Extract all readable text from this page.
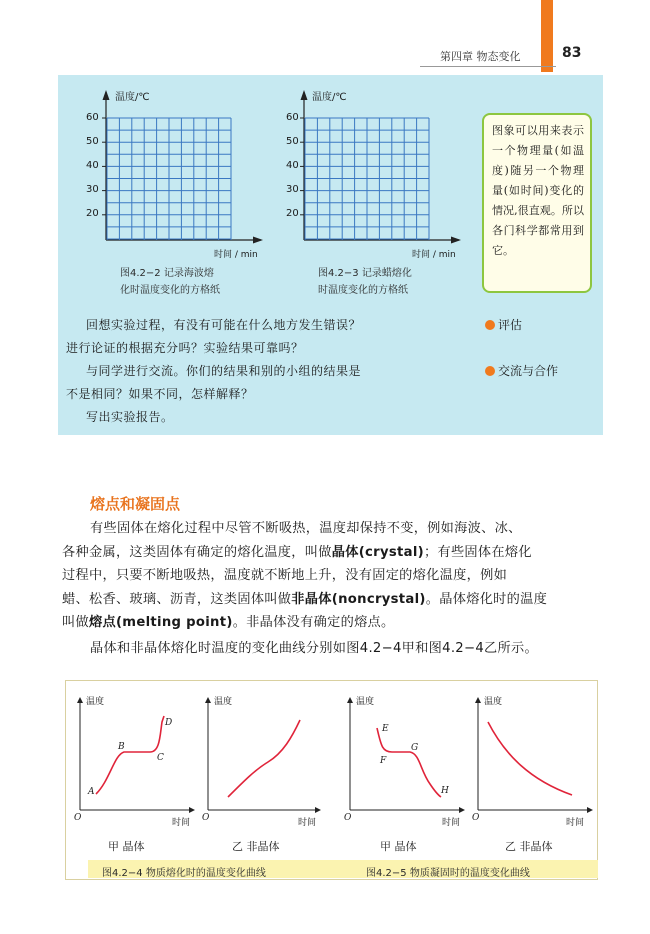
第四章 物态变化	83
温度/℃
时间 / min
60
50
40
30
20
图4.2−2 记录海波熔
化时温度变化的方格纸
温度/℃
时间 / min
60
50
40
30
20
图4.2−3 记录蜡熔化
时温度变化的方格纸
图象可以用来表示一个物理量(如温度)随另一个物理量(如时间)变化的情况,很直观。所以各门科学都常用到它。
回想实验过程，有没有可能在什么地方发生错误？
进行论证的根据充分吗？实验结果可靠吗？
与同学进行交流。你们的结果和别的小组的结果是
不是相同？如果不同，怎样解释？
写出实验报告。
评估
交流与合作
熔点和凝固点
有些固体在熔化过程中尽管不断吸热，温度却保持不变，例如海波、冰、
各种金属，这类固体有确定的熔化温度，叫做晶体(crystal)；有些固体在熔化
过程中，只要不断地吸热，温度就不断地上升，没有固定的熔化温度，例如
蜡、松香、玻璃、沥青，这类固体叫做非晶体(noncrystal)。晶体熔化时的温度
叫做熔点(melting point)。非晶体没有确定的熔点。
晶体和非晶体熔化时温度的变化曲线分别如图4.2−4甲和图4.2−4乙所示。
温度
时间
O
A
B
C
D
温度
时间
O
温度
时间
O
E
F
G
H
温度
时间
O
甲 晶体	乙 非晶体	甲 晶体	乙 非晶体
图4.2−4 物质熔化时的温度变化曲线	图4.2−5 物质凝固时的温度变化曲线
